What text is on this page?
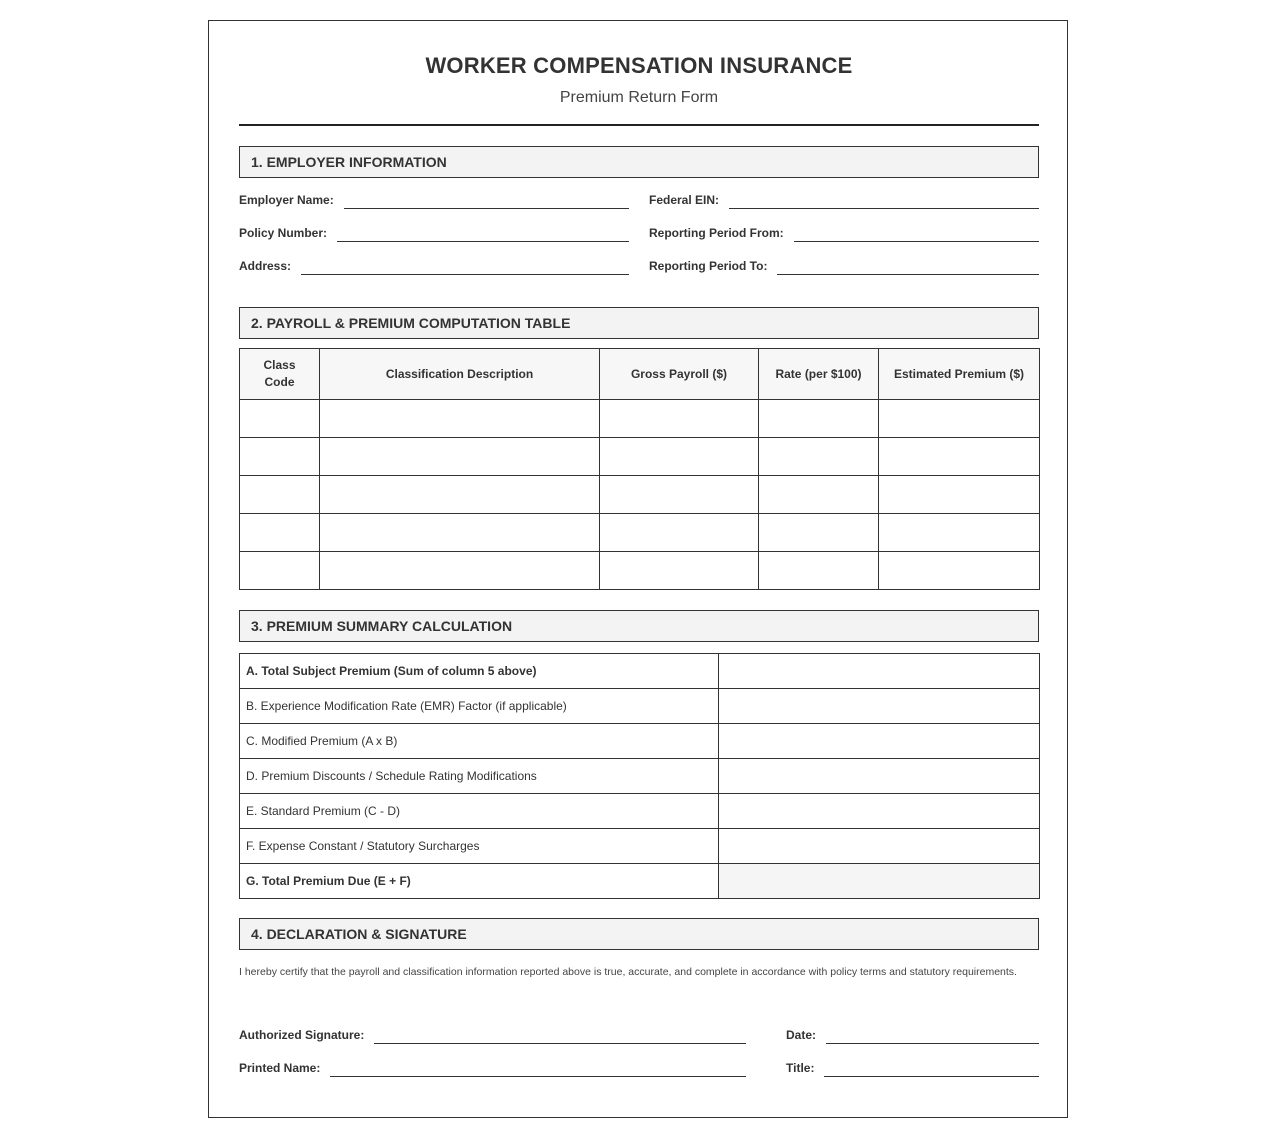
WORKER COMPENSATION INSURANCE
Premium Return Form
1. EMPLOYER INFORMATION
Employer Name:	Federal EIN:
Policy Number:	Reporting Period From:
Address:	Reporting Period To:
2. PAYROLL & PREMIUM COMPUTATION TABLE
Class Code	Classification Description	Gross Payroll ($)	Rate (per $100)	Estimated Premium ($)

3. PREMIUM SUMMARY CALCULATION
A. Total Subject Premium (Sum of column 5 above)	
B. Experience Modification Rate (EMR) Factor (if applicable)	
C. Modified Premium (A x B)	
D. Premium Discounts / Schedule Rating Modifications	
E. Standard Premium (C - D)	
F. Expense Constant / Statutory Surcharges	
G. Total Premium Due (E + F)	
4. DECLARATION & SIGNATURE
I hereby certify that the payroll and classification information reported above is true, accurate, and complete in accordance with policy terms and statutory requirements.
Authorized Signature:	Date:
Printed Name:	Title:
